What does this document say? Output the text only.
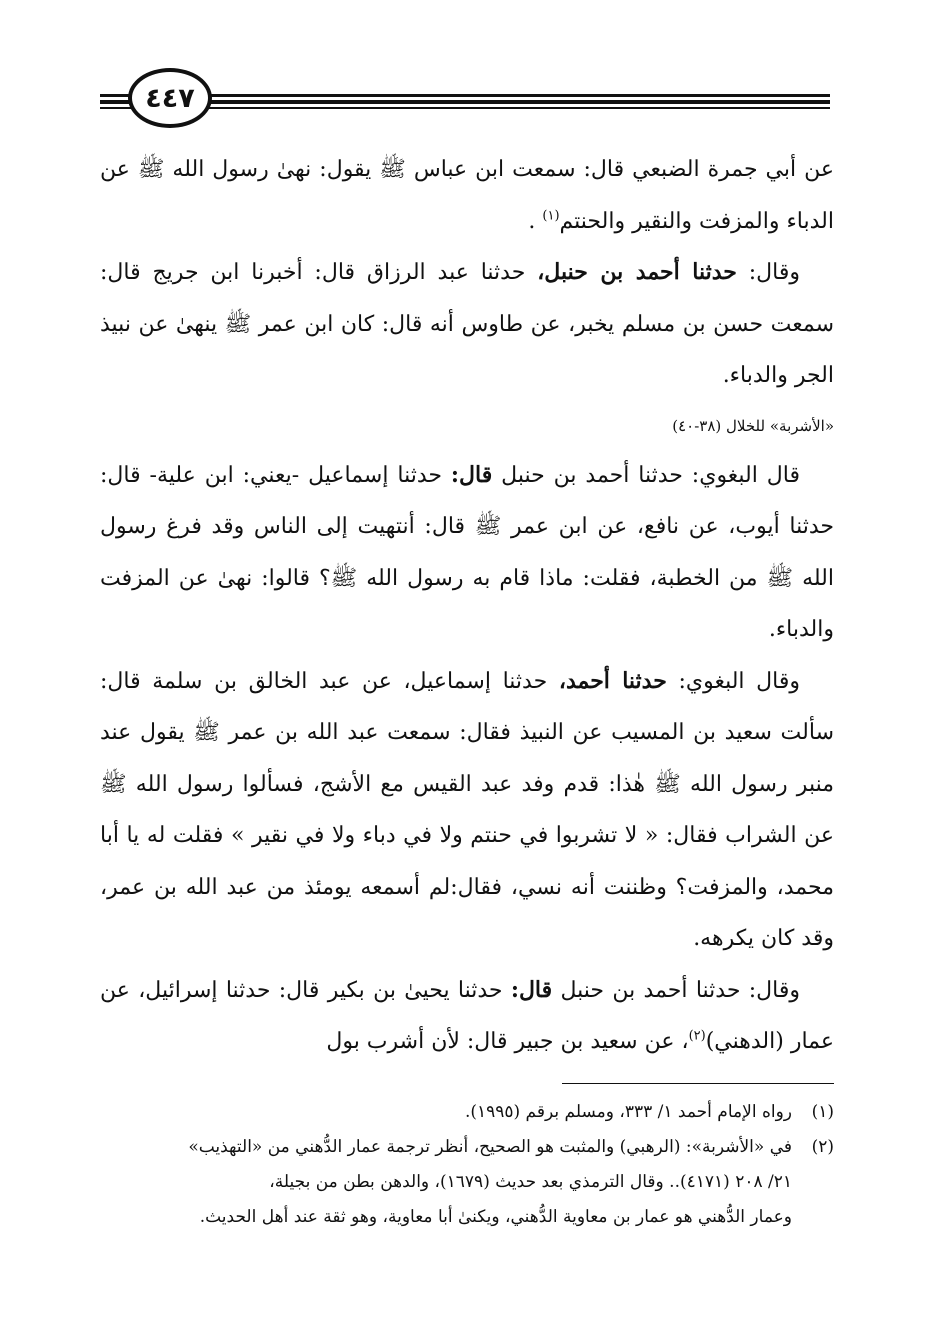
٤٤٧

عن أبي جمرة الضبعي قال: سمعت ابن عباس ﷺ يقول: نهىٰ رسول الله ﷺ عن الدباء والمزفت والنقير والحنتم$^{(١)}$ .

وقال: حدثنا أحمد بن حنبل، حدثنا عبد الرزاق قال: أخبرنا ابن جريج قال: سمعت حسن بن مسلم يخبر، عن طاوس أنه قال: كان ابن عمر ﷺ ينهىٰ عن نبيذ الجر والدباء.

«الأشربة» للخلال (٣٨-٤٠)

قال البغوي: حدثنا أحمد بن حنبل قال: حدثنا إسماعيل -يعني: ابن علية- قال: حدثنا أيوب، عن نافع، عن ابن عمر ﷺ قال: أنتهيت إلى الناس وقد فرغ رسول الله ﷺ من الخطبة، فقلت: ماذا قام به رسول الله ﷺ؟ قالوا: نهىٰ عن المزفت والدباء.

وقال البغوي: حدثنا أحمد، حدثنا إسماعيل، عن عبد الخالق بن سلمة قال: سألت سعيد بن المسيب عن النبيذ فقال: سمعت عبد الله بن عمر ﷺ يقول عند منبر رسول الله ﷺ هٰذا: قدم وفد عبد القيس مع الأشج، فسألوا رسول الله ﷺ عن الشراب فقال: « لا تشربوا في حنتم ولا في دباء ولا في نقير » فقلت له يا أبا محمد، والمزفت؟ وظننت أنه نسي، فقال:لم أسمعه يومئذ من عبد الله بن عمر، وقد كان يكرهه.

وقال: حدثنا أحمد بن حنبل قال: حدثنا يحيىٰ بن بكير قال: حدثنا إسرائيل، عن عمار (الدهني)$^{(٢)}$، عن سعيد بن جبير قال: لأن أشرب بول

(١)رواه الإمام أحمد ١/ ٣٣٣، ومسلم برقم (١٩٩٥).

(٢)في «الأشربة»: (الرهبي) والمثبت هو الصحيح، أنظر ترجمة عمار الدُّهني من «التهذيب»

٢١/ ٢٠٨ (٤١٧١).. وقال الترمذي بعد حديث (١٦٧٩)، والدهن بطن من بجيلة،

وعمار الدُّهني هو عمار بن معاوية الدُّهني، ويكنىٰ أبا معاوية، وهو ثقة عند أهل الحديث.
